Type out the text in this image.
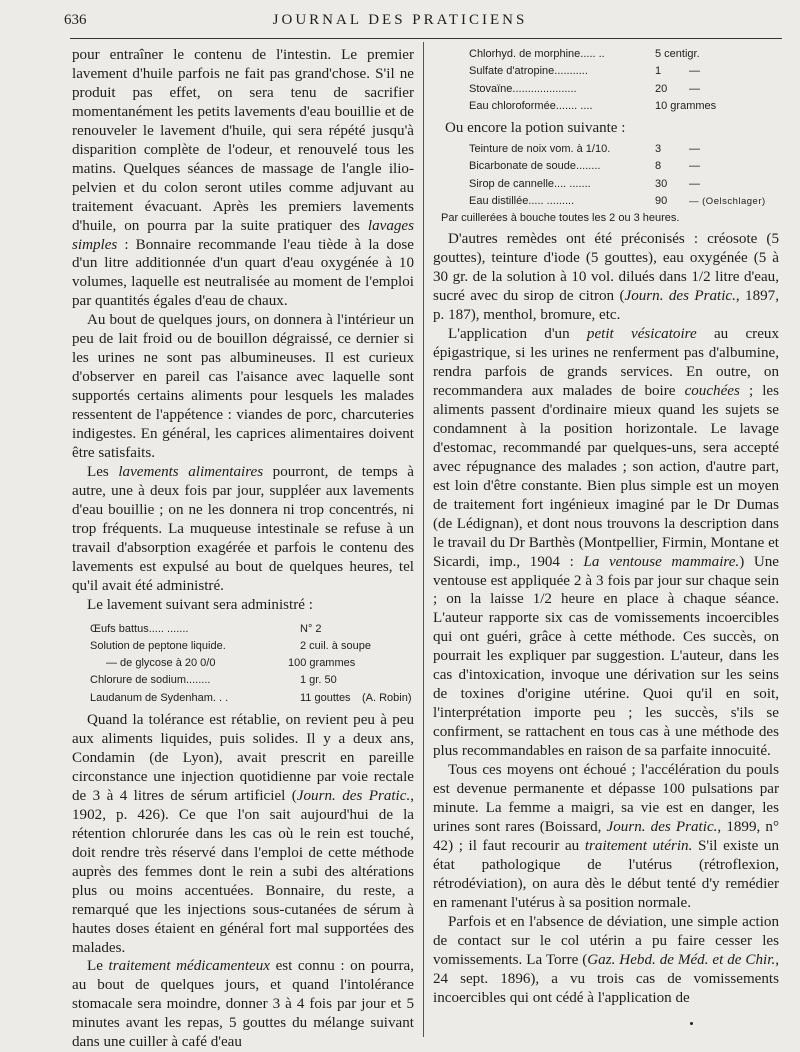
636	JOURNAL DES PRATICIENS

pour entraîner le contenu de l'intestin. Le premier lavement d'huile parfois ne fait pas grand'chose. S'il ne produit pas effet, on sera tenu de sacrifier momentanément les petits lavements d'eau bouillie et de renouveler le lavement d'huile, qui sera répété jusqu'à disparition complète de l'odeur, et renouvelé tous les matins. Quelques séances de massage de l'angle ilio-pelvien et du colon seront utiles comme adjuvant au traitement évacuant. Après les premiers lavements d'huile, on pourra par la suite pratiquer des lavages simples : Bonnaire recommande l'eau tiède à la dose d'un litre additionnée d'un quart d'eau oxygénée à 10 volumes, laquelle est neutralisée au moment de l'emploi par quantités égales d'eau de chaux.

Au bout de quelques jours, on donnera à l'intérieur un peu de lait froid ou de bouillon dégraissé, ce dernier si les urines ne sont pas albumineuses. Il est curieux d'observer en pareil cas l'aisance avec laquelle sont supportés certains aliments pour lesquels les malades ressentent de l'appétence : viandes de porc, charcuteries indigestes. En général, les caprices alimentaires doivent être satisfaits.

Les lavements alimentaires pourront, de temps à autre, une à deux fois par jour, suppléer aux lavements d'eau bouillie ; on ne les donnera ni trop concentrés, ni trop fréquents. La muqueuse intestinale se refuse à un travail d'absorption exagérée et parfois le contenu des lavements est expulsé au bout de quelques heures, tel qu'il avait été administré.

Le lavement suivant sera administré :

Œufs battus..... .......	N° 2
Solution de peptone liquide.	2 cuil. à soupe
— de glycose à 20 0/0	100 grammes
Chlorure de sodium........	1 gr. 50
Laudanum de Sydenham. . .	11 gouttes (A. Robin)

Quand la tolérance est rétablie, on revient peu à peu aux aliments liquides, puis solides. Il y a deux ans, Condamin (de Lyon), avait prescrit en pareille circonstance une injection quotidienne par voie rectale de 3 à 4 litres de sérum artificiel (Journ. des Pratic., 1902, p. 426). Ce que l'on sait aujourd'hui de la rétention chlorurée dans les cas où le rein est touché, doit rendre très réservé dans l'emploi de cette méthode auprès des femmes dont le rein a subi des altérations plus ou moins accentuées. Bonnaire, du reste, a remarqué que les injections sous-cutanées de sérum à hautes doses étaient en général fort mal supportées des malades.

Le traitement médicamenteux est connu : on pourra, au bout de quelques jours, et quand l'intolérance stomacale sera moindre, donner 3 à 4 fois par jour et 5 minutes avant les repas, 5 gouttes du mélange suivant dans une cuiller à café d'eau

Chlorhyd. de morphine..... ..	5 centigr.
Sulfate d'atropine...........	1	—
Stovaïne.....................	20 —
Eau chloroformée....... ....	10 grammes
Ou encore la potion suivante :
Teinture de noix vom. à 1/10.	3	—
Bicarbonate de soude........	8	—
Sirop de cannelle.... .......	30 —
Eau distillée..... .........	90 — (Oelschlager)
Par cuillerées à bouche toutes les 2 ou 3 heures.

D'autres remèdes ont été préconisés : créosote (5 gouttes), teinture d'iode (5 gouttes), eau oxygénée (5 à 30 gr. de la solution à 10 vol. dilués dans 1/2 litre d'eau, sucré avec du sirop de citron (Journ. des Pratic., 1897, p. 187), menthol, bromure, etc.

L'application d'un petit vésicatoire au creux épigastrique, si les urines ne renferment pas d'albumine, rendra parfois de grands services. En outre, on recommandera aux malades de boire couchées ; les aliments passent d'ordinaire mieux quand les sujets se condamnent à la position horizontale. Le lavage d'estomac, recommandé par quelques-uns, sera accepté avec répugnance des malades ; son action, d'autre part, est loin d'être constante. Bien plus simple est un moyen de traitement fort ingénieux imaginé par le Dr Dumas (de Lédignan), et dont nous trouvons la description dans le travail du Dr Barthès (Montpellier, Firmin, Montane et Sicardi, imp., 1904 : La ventouse mammaire.) Une ventouse est appliquée 2 à 3 fois par jour sur chaque sein ; on la laisse 1/2 heure en place à chaque séance. L'auteur rapporte six cas de vomissements incoercibles qui ont guéri, grâce à cette méthode. Ces succès, on pourrait les expliquer par suggestion. L'auteur, dans les cas d'intoxication, invoque une dérivation sur les seins de toxines d'origine utérine. Quoi qu'il en soit, l'interprétation importe peu ; les succès, s'ils se confirment, se rattachent en tous cas à une méthode des plus recommandables en raison de sa parfaite innocuité.

Tous ces moyens ont échoué ; l'accélération du pouls est devenue permanente et dépasse 100 pulsations par minute. La femme a maigri, sa vie est en danger, les urines sont rares (Boissard, Journ. des Pratic., 1899, n° 42) ; il faut recourir au traitement utérin. S'il existe un état pathologique de l'utérus (rétroflexion, rétrodéviation), on aura dès le début tenté d'y remédier en ramenant l'utérus à sa position normale.

Parfois et en l'absence de déviation, une simple action de contact sur le col utérin a pu faire cesser les vomissements. La Torre (Gaz. Hebd. de Méd. et de Chir., 24 sept. 1896), a vu trois cas de vomissements incoercibles qui ont cédé à l'application de
